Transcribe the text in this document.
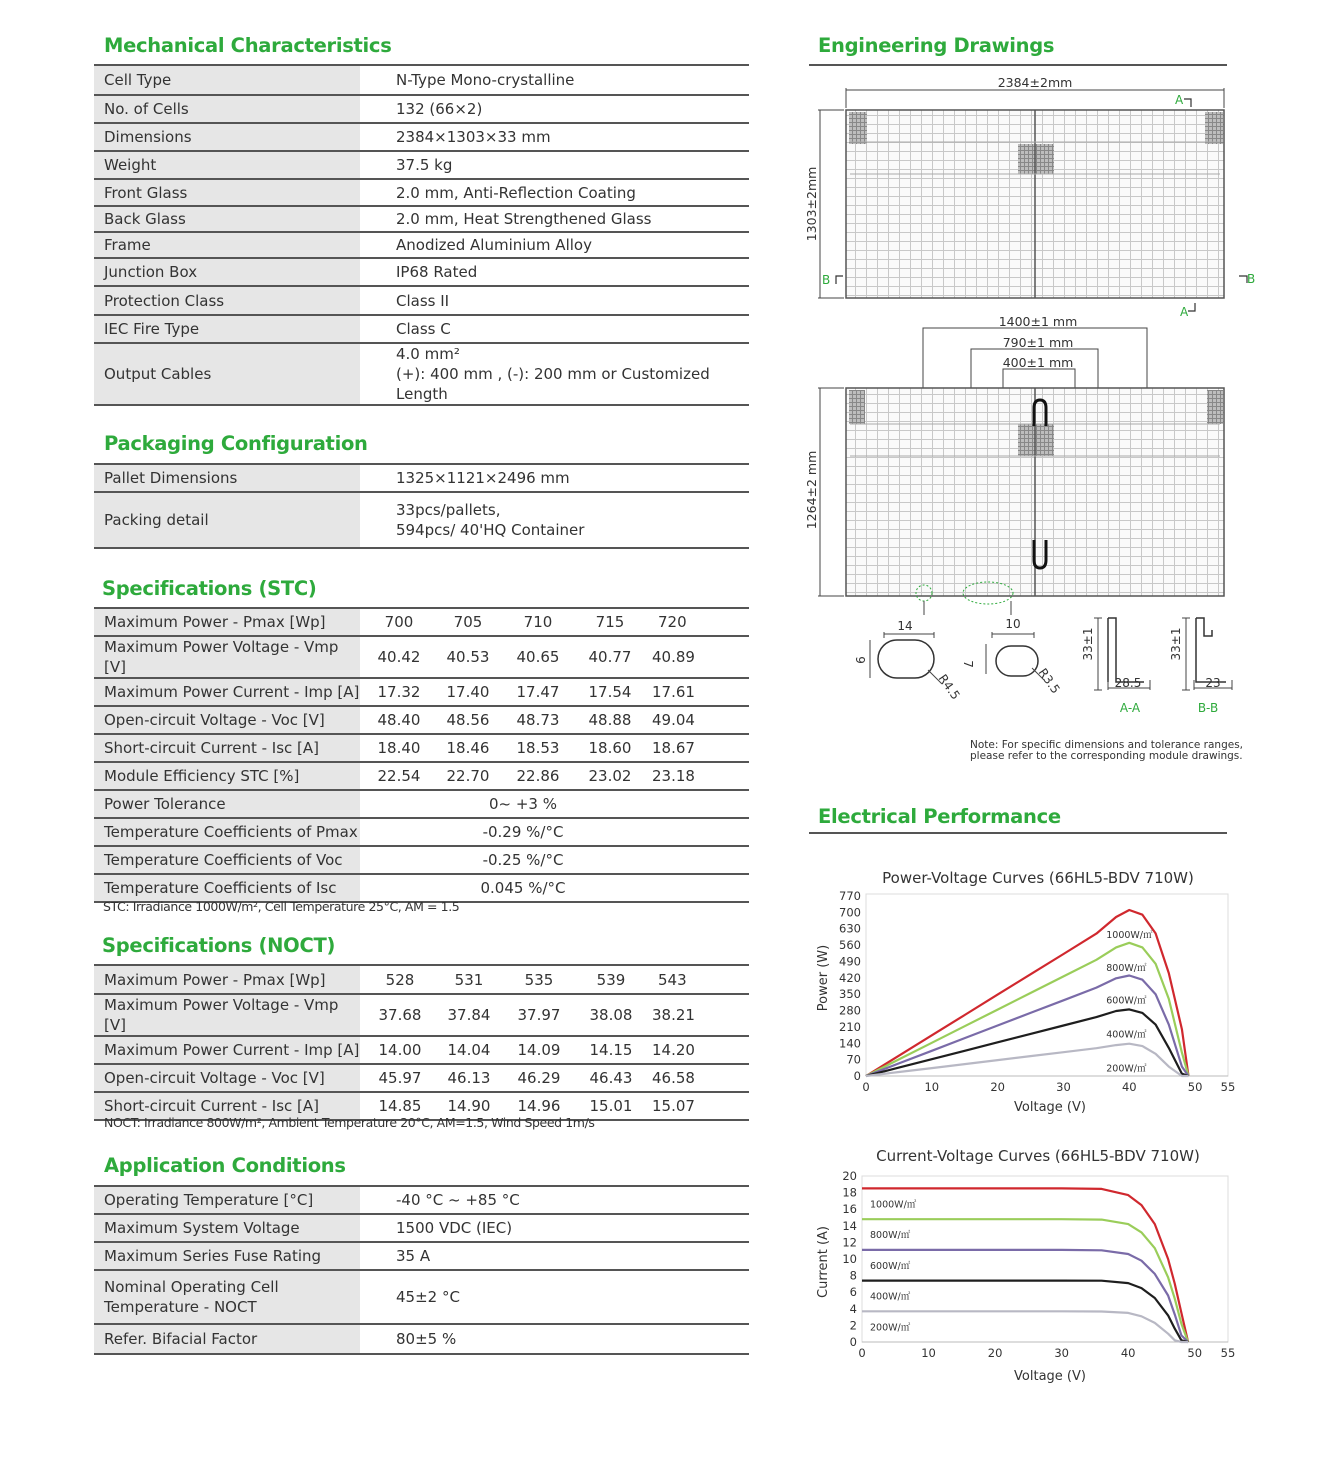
Mechanical Characteristics
Cell Type	N-Type Mono-crystalline
No. of Cells	132 (66×2)
Dimensions	2384×1303×33 mm
Weight	37.5 kg
Front Glass	2.0 mm, Anti-Reflection Coating
Back Glass	2.0 mm, Heat Strengthened Glass
Frame	Anodized Aluminium Alloy
Junction Box	IP68 Rated
Protection Class	Class II
IEC Fire Type	Class C
Output Cables	4.0 mm²
(+): 400 mm , (-): 200 mm or Customized Length
Packaging Configuration
Pallet Dimensions	1325×1121×2496 mm
Packing detail	33pcs/pallets,
594pcs/ 40'HQ Container
Specifications (STC)
Maximum Power - Pmax [Wp]	700	705	710	715	720
Maximum Power Voltage - Vmp [V]	40.42	40.53	40.65	40.77	40.89
Maximum Power Current - Imp [A]	17.32	17.40	17.47	17.54	17.61
Open-circuit Voltage - Voc [V]	48.40	48.56	48.73	48.88	49.04
Short-circuit Current - Isc [A]	18.40	18.46	18.53	18.60	18.67
Module Efficiency STC [%]	22.54	22.70	22.86	23.02	23.18
Power Tolerance	0~ +3 %				
Temperature Coefficients of Pmax	-0.29 %/°C				
Temperature Coefficients of Voc	-0.25 %/°C				
Temperature Coefficients of Isc	0.045 %/°C				
STC: Irradiance 1000W/m², Cell Temperature 25°C, AM = 1.5
Specifications (NOCT)
Maximum Power - Pmax [Wp]	528	531	535	539	543
Maximum Power Voltage - Vmp [V]	37.68	37.84	37.97	38.08	38.21
Maximum Power Current - Imp [A]	14.00	14.04	14.09	14.15	14.20
Open-circuit Voltage - Voc [V]	45.97	46.13	46.29	46.43	46.58
Short-circuit Current - Isc [A]	14.85	14.90	14.96	15.01	15.07
NOCT: Irradiance 800W/m², Ambient Temperature 20°C, AM=1.5, Wind Speed 1m/s
Application Conditions
Operating Temperature [°C]	-40 °C ~ +85 °C
Maximum System Voltage	1500 VDC (IEC)
Maximum Series Fuse Rating	35 A

Nominal Operating Cell
Temperature - NOCT	45±2 °C
Refer. Bifacial Factor	80±5 %
Engineering Drawings
2384±2mm
A
1303±2mm
B	B
A
1400±1 mm
790±1 mm
400±1 mm
1264±2 mm
14
9
R4.5
10
7
R3.5
33±1
28.5
A-A
33±1
23
B-B
Note: For specific dimensions and tolerance ranges,
please refer to the corresponding module drawings.
Electrical Performance
Power-Voltage Curves (66HL5-BDV 710W)
Power (W)
Voltage (V)
0
70
140
210
280
350
420
490
560
630
700
770
0	10	20	30	40	50 55
1000W/㎡
800W/㎡
600W/㎡
400W/㎡
200W/㎡
Current-Voltage Curves (66HL5-BDV 710W)
Current (A)
Voltage (V)
0
2
4
6
8
10
12
14
16
18
20
0	10	20	30	40	50 55
1000W/㎡
800W/㎡
600W/㎡
400W/㎡
200W/㎡
